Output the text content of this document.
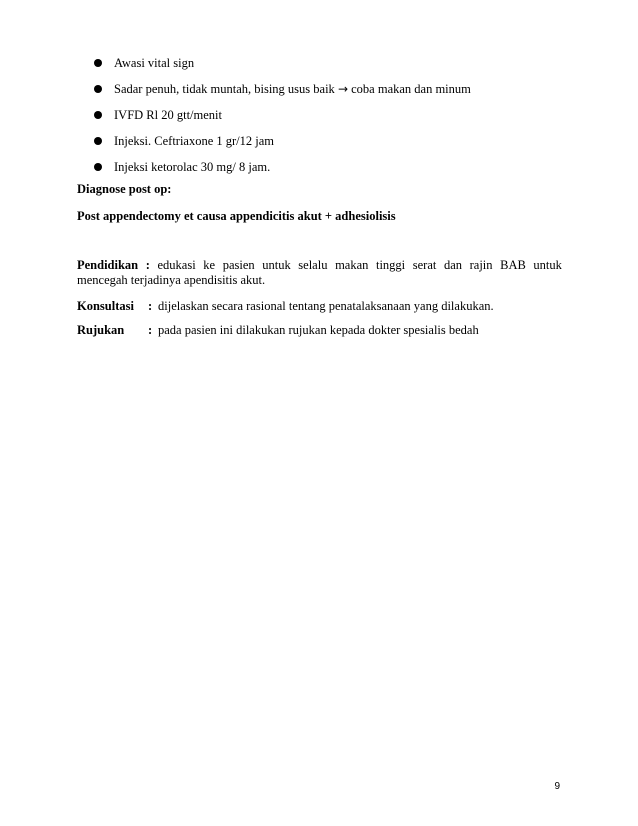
Awasi vital sign
Sadar penuh, tidak muntah, bising usus baik → coba makan dan minum
IVFD Rl 20 gtt/menit
Injeksi. Ceftriaxone 1 gr/12 jam
Injeksi ketorolac 30 mg/ 8 jam.
Diagnose post op:
Post appendectomy et causa appendicitis akut + adhesiolisis
Pendidikan : edukasi ke pasien untuk selalu makan tinggi serat dan rajin BAB untuk
mencegah terjadinya apendisitis akut.
Konsultasi : dijelaskan secara rasional tentang penatalaksanaan yang dilakukan.
Rujukan : pada pasien ini dilakukan rujukan kepada dokter spesialis bedah
9
